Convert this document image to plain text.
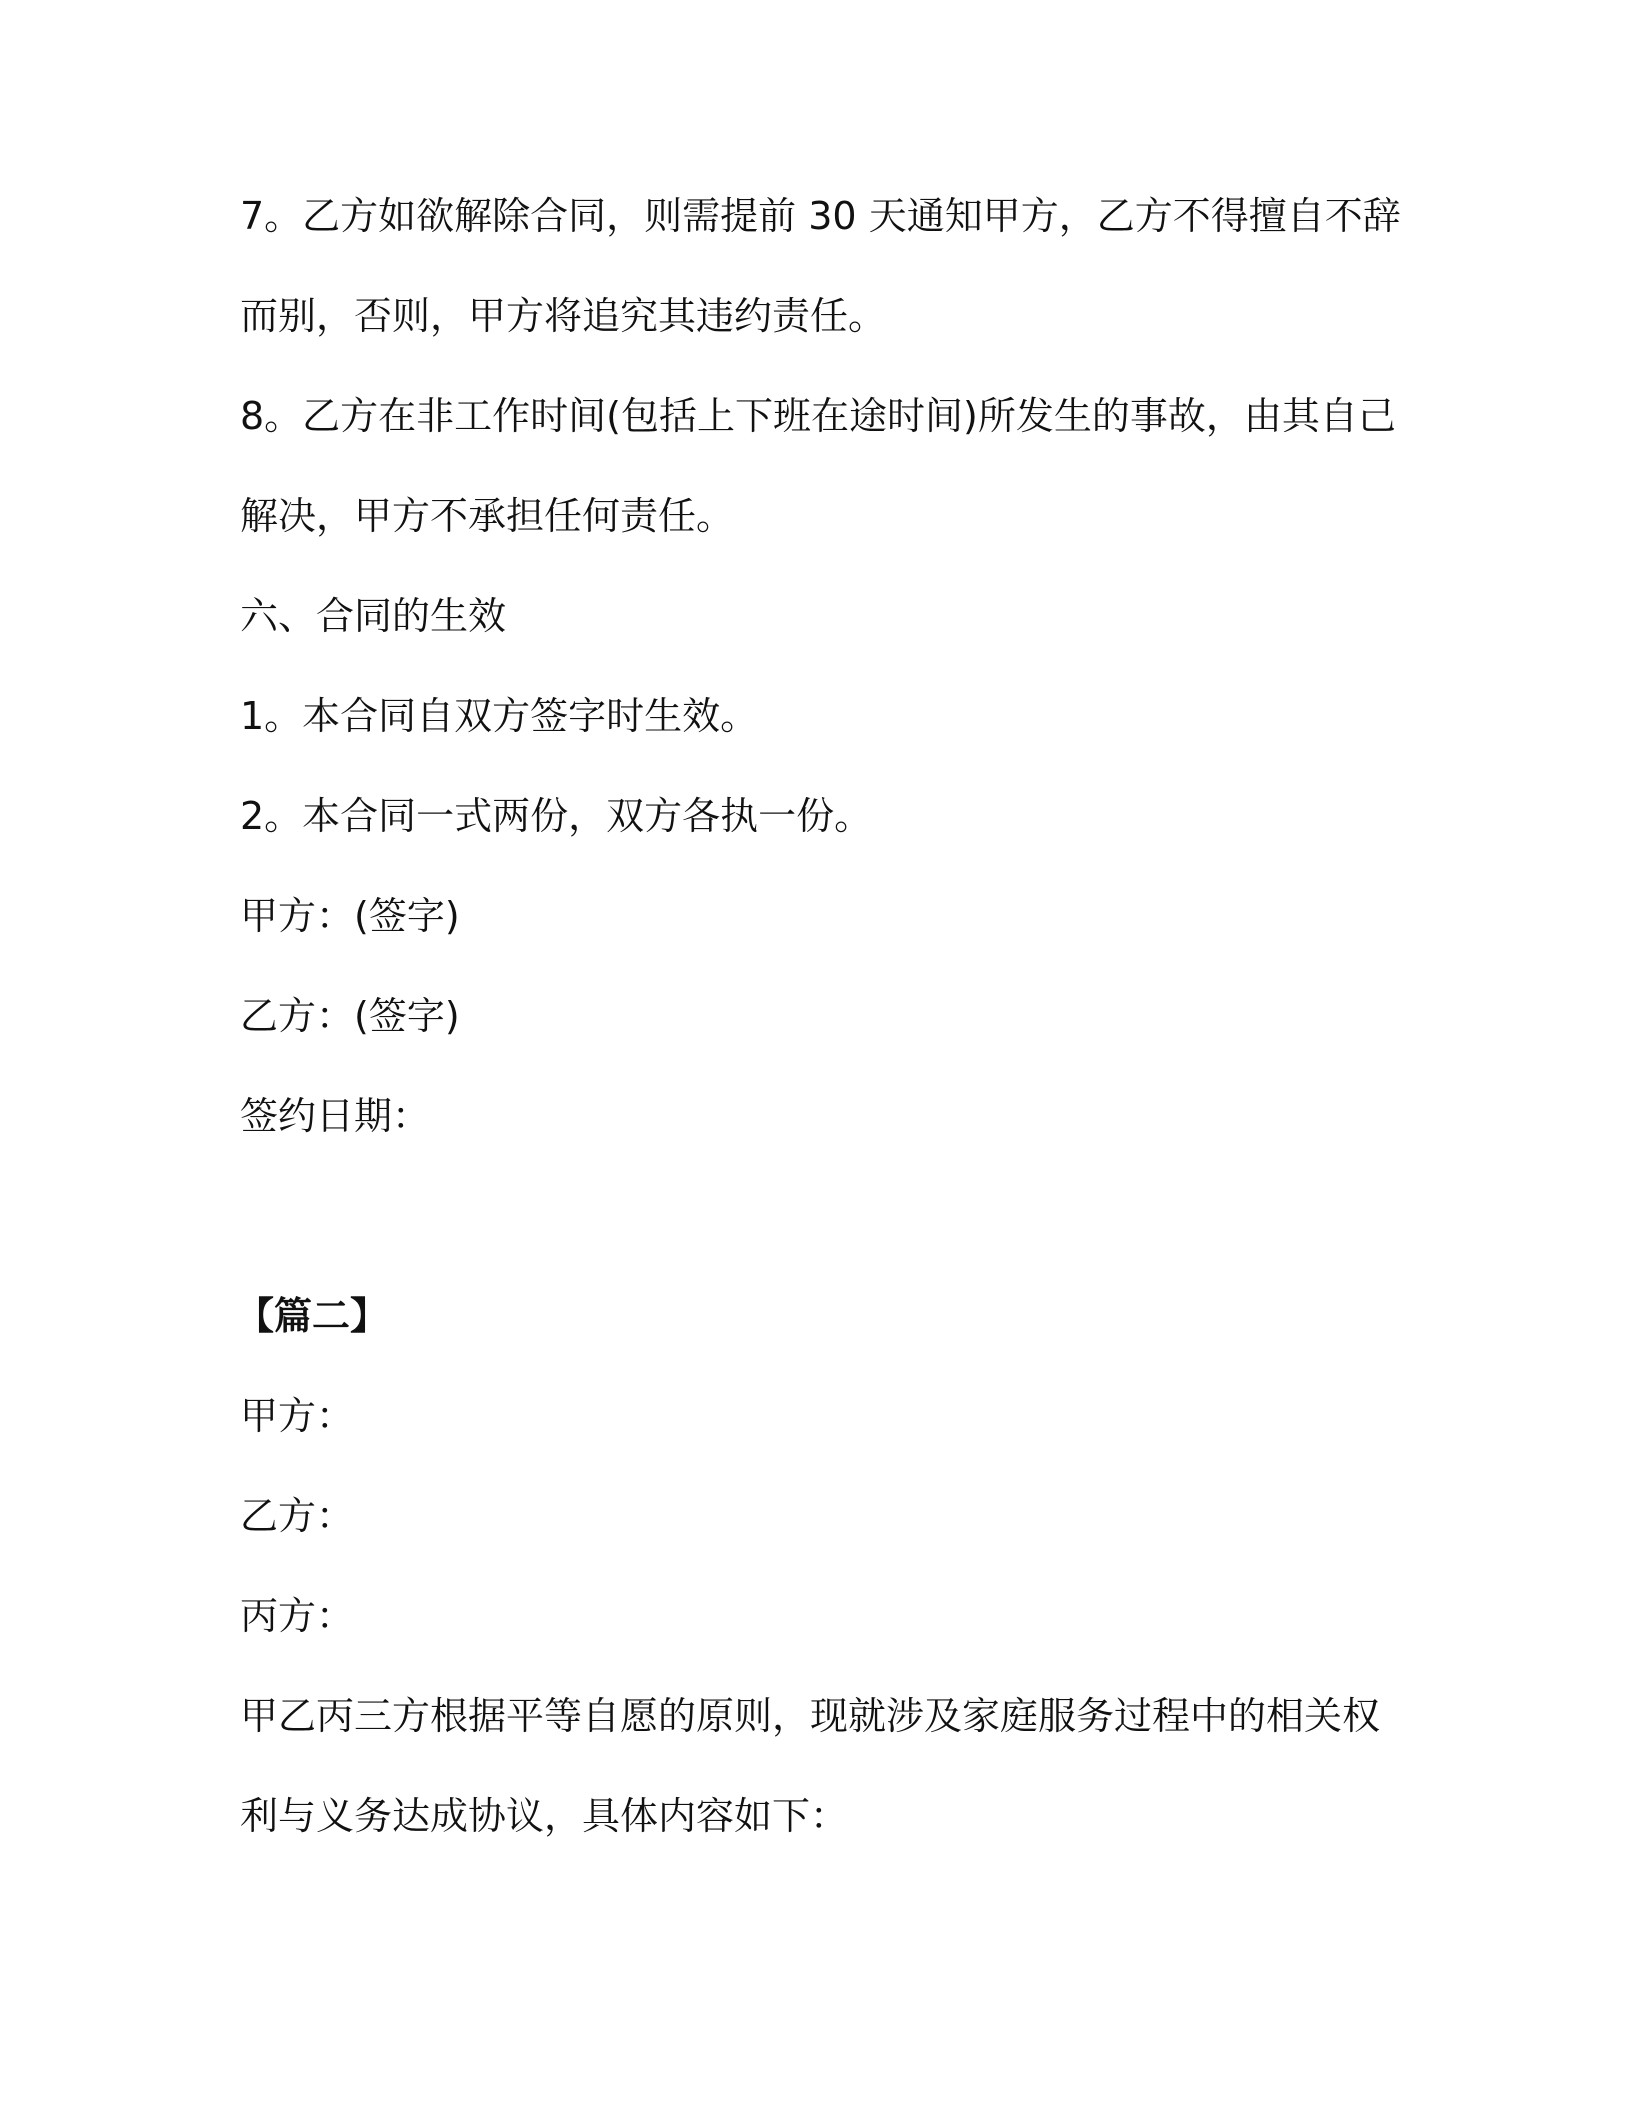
7。乙方如欲解除合同，则需提前 30 天通知甲方，乙方不得擅自不辞
而别，否则，甲方将追究其违约责任。
8。乙方在非工作时间(包括上下班在途时间)所发生的事故，由其自己
解决，甲方不承担任何责任。
六、合同的生效
1。本合同自双方签字时生效。
2。本合同一式两份，双方各执一份。
甲方：(签字)
乙方：(签字)
签约日期：
【篇二】
甲方：
乙方：
丙方：
甲乙丙三方根据平等自愿的原则，现就涉及家庭服务过程中的相关权
利与义务达成协议，具体内容如下：
